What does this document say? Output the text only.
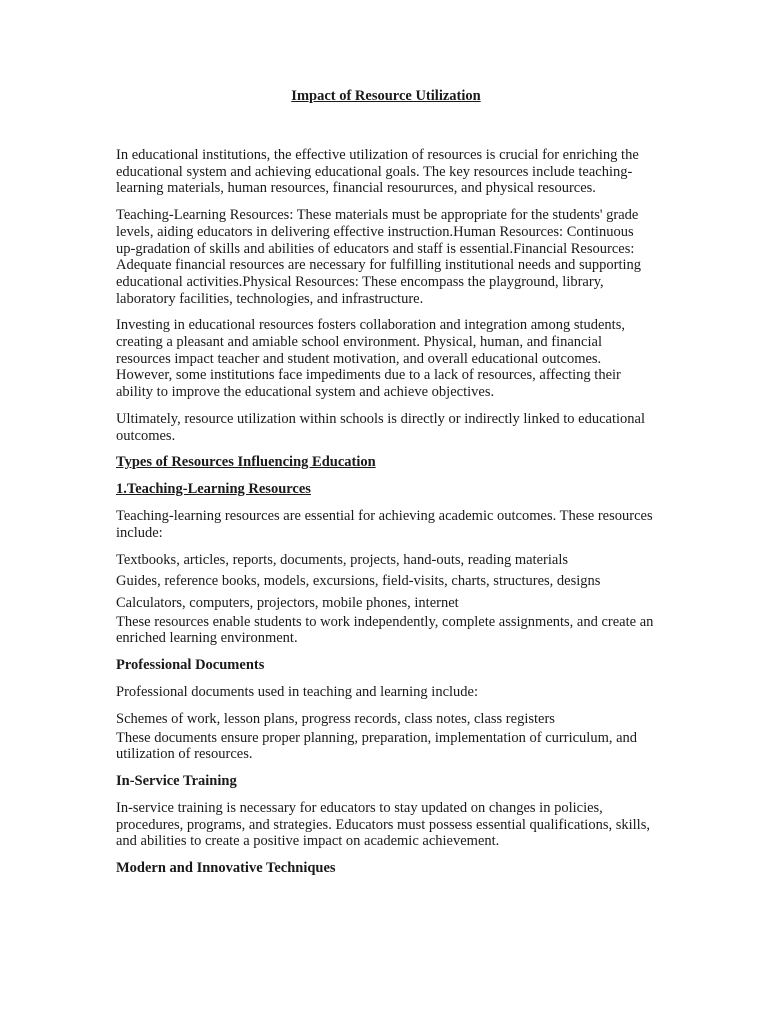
Impact of Resource Utilization

In educational institutions, the effective utilization of resources is crucial for enriching the educational system and achieving educational goals. The key resources include teaching-learning materials, human resources, financial resoururces, and physical resources.

Teaching-Learning Resources: These materials must be appropriate for the students' grade levels, aiding educators in delivering effective instruction.Human Resources: Continuous up-gradation of skills and abilities of educators and staff is essential.Financial Resources: Adequate financial resources are necessary for fulfilling institutional needs and supporting educational activities.Physical Resources: These encompass the playground, library, laboratory facilities, technologies, and infrastructure.

Investing in educational resources fosters collaboration and integration among students, creating a pleasant and amiable school environment. Physical, human, and financial resources impact teacher and student motivation, and overall educational outcomes. However, some institutions face impediments due to a lack of resources, affecting their ability to improve the educational system and achieve objectives.

Ultimately, resource utilization within schools is directly or indirectly linked to educational outcomes.

Types of Resources Influencing Education
1.Teaching-Learning Resources

Teaching-learning resources are essential for achieving academic outcomes. These resources include:

Textbooks, articles, reports, documents, projects, hand-outs, reading materials
Guides, reference books, models, excursions, field-visits, charts, structures, designs
Calculators, computers, projectors, mobile phones, internet

These resources enable students to work independently, complete assignments, and create an enriched learning environment.

Professional Documents

Professional documents used in teaching and learning include:

Schemes of work, lesson plans, progress records, class notes, class registers

These documents ensure proper planning, preparation, implementation of curriculum, and utilization of resources.

In-Service Training

In-service training is necessary for educators to stay updated on changes in policies, procedures, programs, and strategies. Educators must possess essential qualifications, skills, and abilities to create a positive impact on academic achievement.

Modern and Innovative Techniques
